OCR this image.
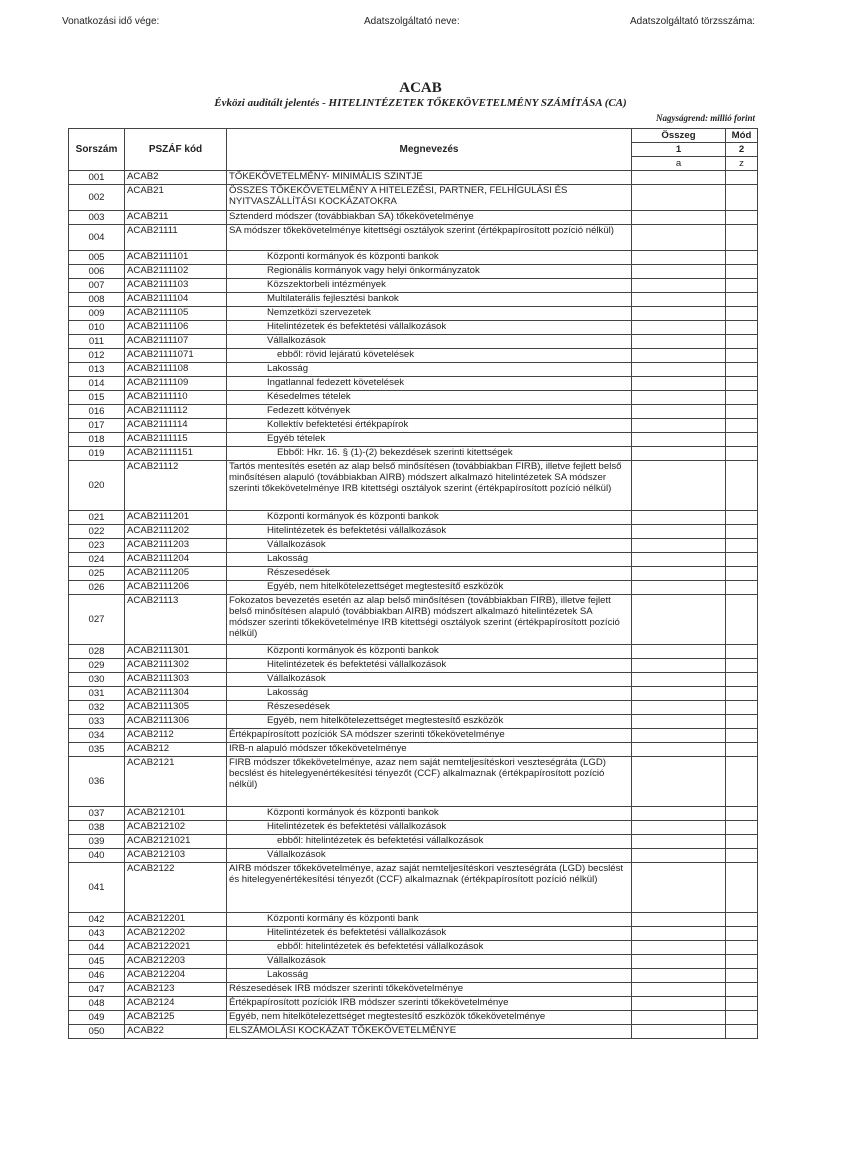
Vonatkozási idő vége:	Adatszolgáltató neve:	Adatszolgáltató törzsszáma:
ACAB
Évközi auditált jelentés - HITELINTÉZETEK TŐKEKÖVETELMÉNY SZÁMÍTÁSA (CA)
Nagyságrend: millió forint
Sorszám	PSZÁF kód	Megnevezés	Összeg	Mód
			1	2
			a	z
001	ACAB2	TŐKEKÖVETELMÉNY- MINIMÁLIS SZINTJE		
002	ACAB21	ÖSSZES TŐKEKÖVETELMÉNY A HITELEZÉSI, PARTNER, FELHÍGULÁSI ÉS NYITVASZÁLLÍTÁSI KOCKÁZATOKRA		
003	ACAB211	Sztenderd módszer (továbbiakban SA) tőkekövetelménye		
004	ACAB21111	SA módszer tőkekövetelménye kitettségi osztályok szerint (értékpapírosított pozíció nélkül)		
005	ACAB2111101	Központi kormányok és központi bankok		
006	ACAB2111102	Regionális kormányok vagy helyi önkormányzatok		
007	ACAB2111103	Közszektorbeli intézmények		
008	ACAB2111104	Multilaterális fejlesztési bankok		
009	ACAB2111105	Nemzetközi szervezetek		
010	ACAB2111106	Hitelintézetek és befektetési vállalkozások		
011	ACAB2111107	Vállalkozások		
012	ACAB21111071	ebből: rövid lejáratú követelések		
013	ACAB2111108	Lakosság		
014	ACAB2111109	Ingatlannal fedezett követelések		
015	ACAB2111110	Késedelmes tételek		
016	ACAB2111112	Fedezett kötvények		
017	ACAB2111114	Kollektív befektetési értékpapírok		
018	ACAB2111115	Egyéb tételek		
019	ACAB21111151	Ebből: Hkr. 16. § (1)-(2) bekezdések szerinti kitettségek		
020	ACAB21112	Tartós mentesítés esetén az alap belső minősítésen (továbbiakban FIRB), illetve fejlett belső minősítésen alapuló (továbbiakban AIRB) módszert alkalmazó hitelintézetek SA módszer szerinti tőkekövetelménye IRB kitettségi osztályok szerint (értékpapírosított pozíció nélkül)		
021	ACAB2111201	Központi kormányok és központi bankok		
022	ACAB2111202	Hitelintézetek és befektetési vállalkozások		
023	ACAB2111203	Vállalkozások		
024	ACAB2111204	Lakosság		
025	ACAB2111205	Részesedések		
026	ACAB2111206	Egyéb, nem hitelkötelezettséget megtestesítő eszközök		
027	ACAB21113	Fokozatos bevezetés esetén az alap belső minősítésen (továbbiakban FIRB), illetve fejlett belső minősítésen alapuló (továbbiakban AIRB) módszert alkalmazó hitelintézetek SA módszer szerinti tőkekövetelménye IRB kitettségi osztályok szerint (értékpapírosított pozíció nélkül)		
028	ACAB2111301	Központi kormányok és központi bankok		
029	ACAB2111302	Hitelintézetek és befektetési vállalkozások		
030	ACAB2111303	Vállalkozások		
031	ACAB2111304	Lakosság		
032	ACAB2111305	Részesedések		
033	ACAB2111306	Egyéb, nem hitelkötelezettséget megtestesítő eszközök		
034	ACAB2112	Értékpapírosított pozíciók SA módszer szerinti tőkekövetelménye		
035	ACAB212	IRB-n alapuló módszer tőkekövetelménye		
036	ACAB2121	FIRB módszer tőkekövetelménye, azaz nem saját nemteljesítéskori veszteségráta (LGD) becslést és hitelegyenértékesítési tényezőt (CCF) alkalmaznak (értékpapírosított pozíció nélkül)		
037	ACAB212101	Központi kormányok és központi bankok		
038	ACAB212102	Hitelintézetek és befektetési vállalkozások		
039	ACAB2121021	ebből: hitelintézetek és befektetési vállalkozások		
040	ACAB212103	Vállalkozások		
041	ACAB2122	AIRB módszer tőkekövetelménye, azaz saját nemteljesítéskori veszteségráta (LGD) becslést és hitelegyenértékesítési tényezőt (CCF) alkalmaznak (értékpapírosított pozíció nélkül)		
042	ACAB212201	Központi kormány és központi bank		
043	ACAB212202	Hitelintézetek és befektetési vállalkozások		
044	ACAB2122021	ebből: hitelintézetek és befektetési vállalkozások		
045	ACAB212203	Vállalkozások		
046	ACAB212204	Lakosság		
047	ACAB2123	Részesedések IRB módszer szerinti tőkekövetelménye		
048	ACAB2124	Értékpapírosított pozíciók IRB módszer szerinti tőkekövetelménye		
049	ACAB2125	Egyéb, nem hitelkötelezettséget megtestesítő eszközök tőkekövetelménye		
050	ACAB22	ELSZÁMOLÁSI KOCKÁZAT TŐKEKÖVETELMÉNYE		
